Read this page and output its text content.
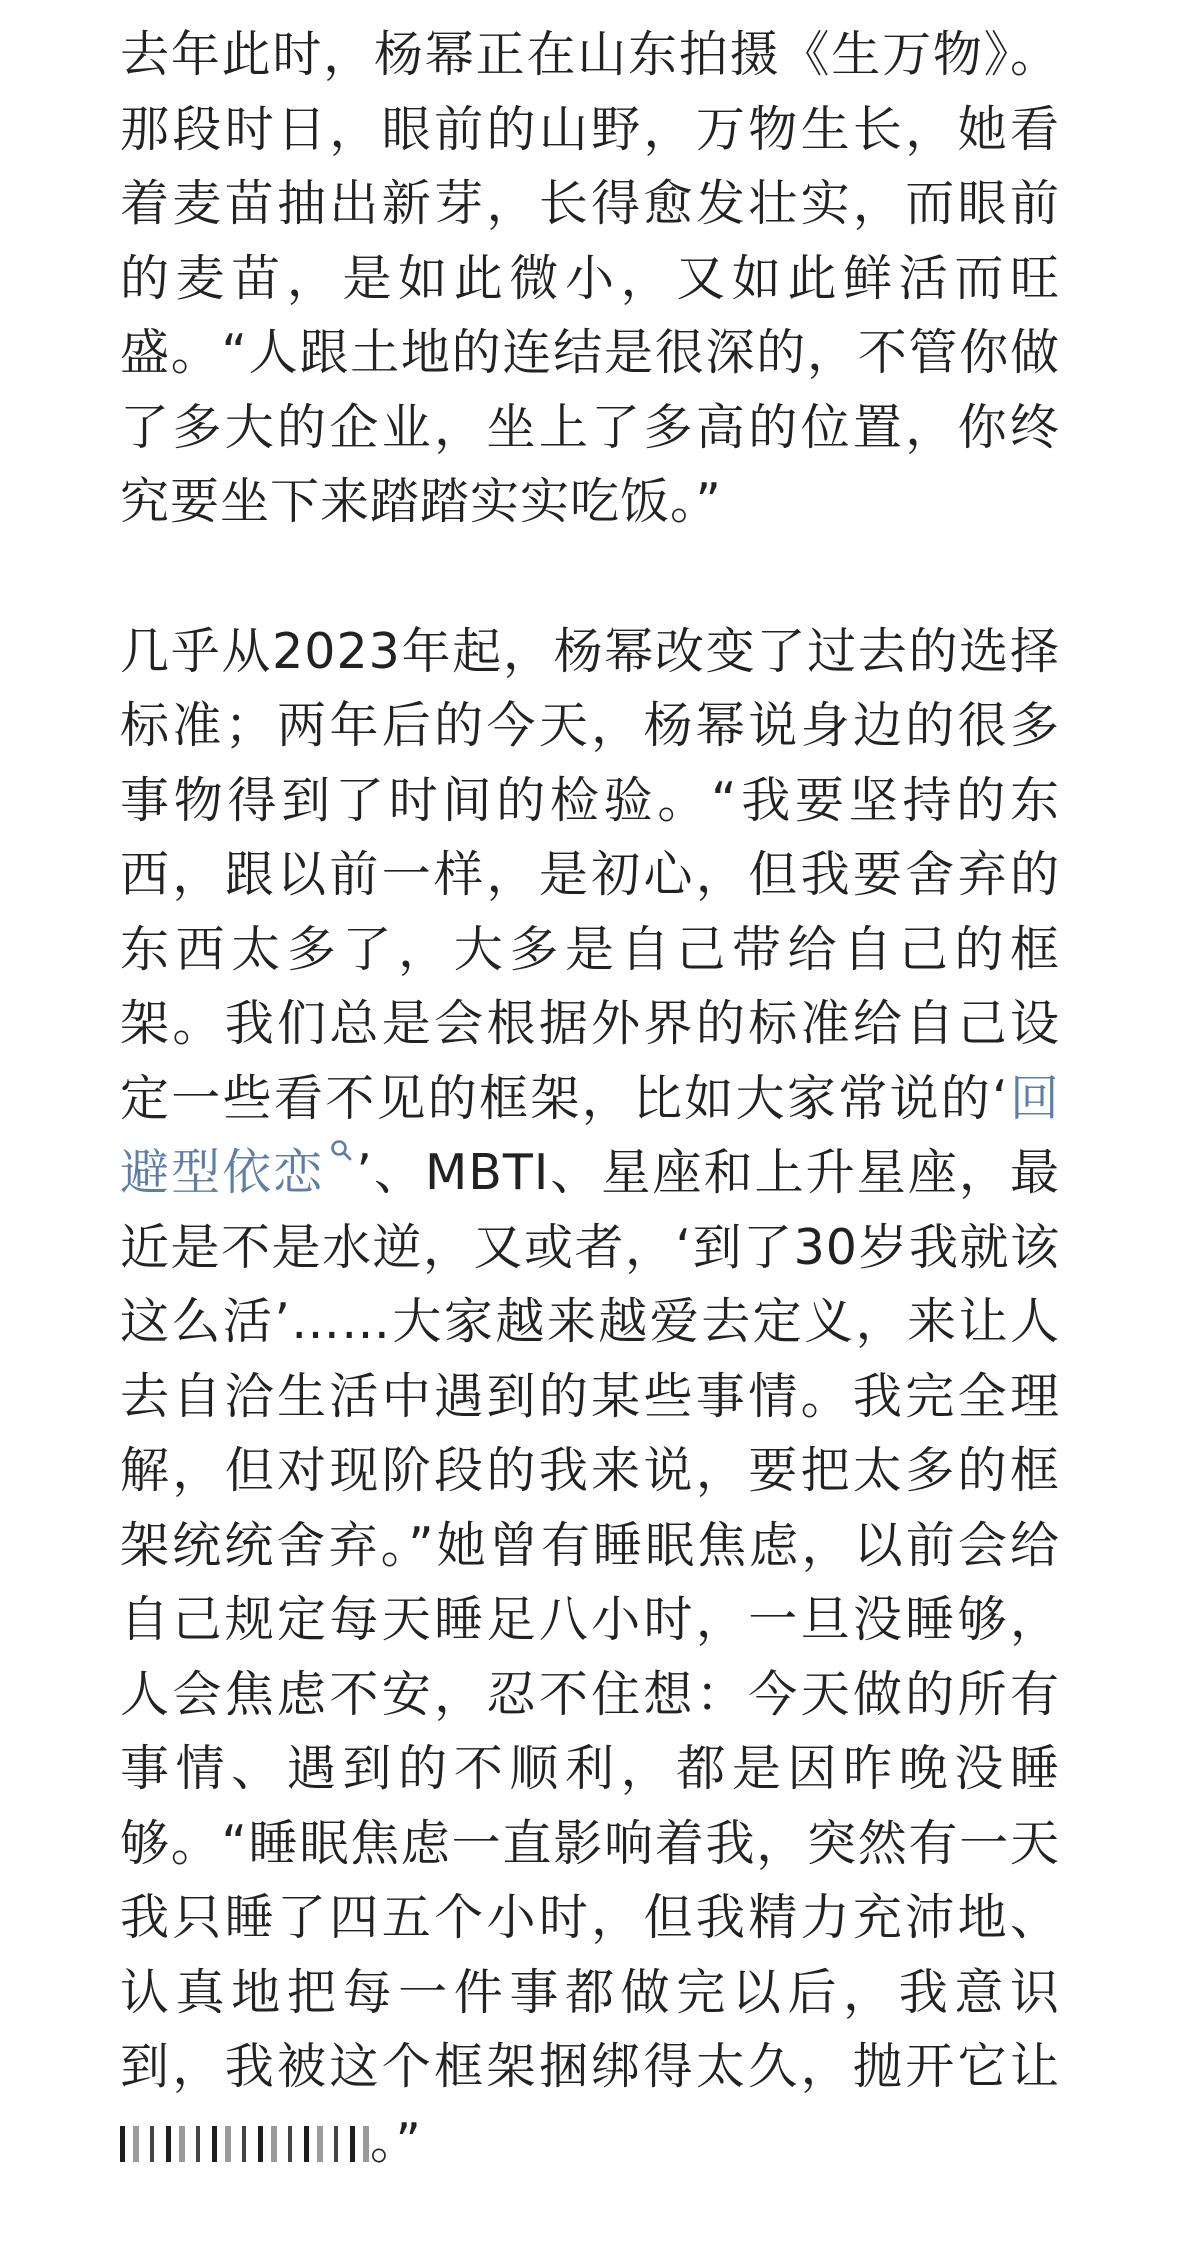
去年此时，杨幂正在山东拍摄《生万物》。那段时日，眼前的山野，万物生长，她看着麦苗抽出新芽，长得愈发壮实，而眼前的麦苗，是如此微小，又如此鲜活而旺盛。“人跟土地的连结是很深的，不管你做了多大的企业，坐上了多高的位置，你终究要坐下来踏踏实实吃饭。”

几乎从2023年起，杨幂改变了过去的选择标准；两年后的今天，杨幂说身边的很多事物得到了时间的检验。“我要坚持的东西，跟以前一样，是初心，但我要舍弃的东西太多了，大多是自己带给自己的框架。我们总是会根据外界的标准给自己设定一些看不见的框架，比如大家常说的‘回避型依恋 ’、MBTI、星座和上升星座，最近是不是水逆，又或者，‘到了30岁我就该这么活’……大家越来越爱去定义，来让人去自洽生活中遇到的某些事情。我完全理解，但对现阶段的我来说，要把太多的框架统统舍弃。”她曾有睡眠焦虑，以前会给自己规定每天睡足八小时，一旦没睡够，人会焦虑不安，忍不住想：今天做的所有事情、遇到的不顺利，都是因昨晚没睡够。“睡眠焦虑一直影响着我，突然有一天我只睡了四五个小时，但我精力充沛地、认真地把每一件事都做完以后，我意识到，我被这个框架捆绑得太久，抛开它让。”
